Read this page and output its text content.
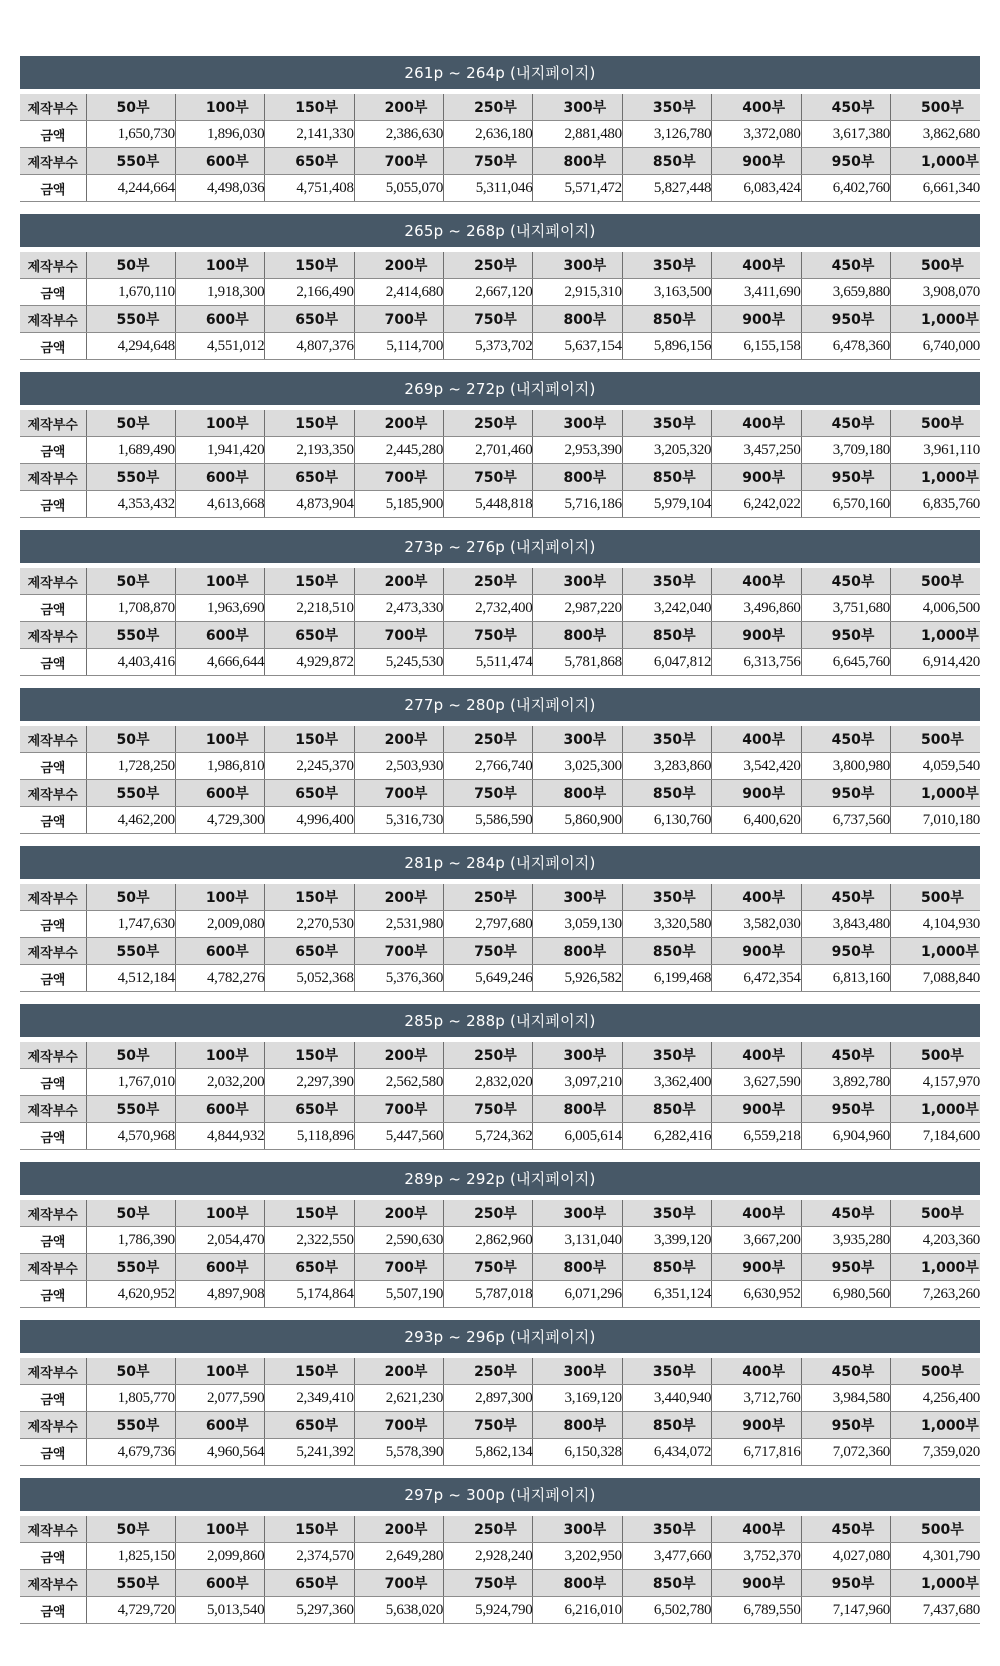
261p ~ 264p (내지페이지)
제작부수	50부	100부	150부	200부	250부	300부	350부	400부	450부	500부
금액	1,650,730	1,896,030	2,141,330	2,386,630	2,636,180	2,881,480	3,126,780	3,372,080	3,617,380	3,862,680
제작부수	550부	600부	650부	700부	750부	800부	850부	900부	950부	1,000부
금액	4,244,664	4,498,036	4,751,408	5,055,070	5,311,046	5,571,472	5,827,448	6,083,424	6,402,760	6,661,340
265p ~ 268p (내지페이지)
제작부수	50부	100부	150부	200부	250부	300부	350부	400부	450부	500부
금액	1,670,110	1,918,300	2,166,490	2,414,680	2,667,120	2,915,310	3,163,500	3,411,690	3,659,880	3,908,070
제작부수	550부	600부	650부	700부	750부	800부	850부	900부	950부	1,000부
금액	4,294,648	4,551,012	4,807,376	5,114,700	5,373,702	5,637,154	5,896,156	6,155,158	6,478,360	6,740,000
269p ~ 272p (내지페이지)
제작부수	50부	100부	150부	200부	250부	300부	350부	400부	450부	500부
금액	1,689,490	1,941,420	2,193,350	2,445,280	2,701,460	2,953,390	3,205,320	3,457,250	3,709,180	3,961,110
제작부수	550부	600부	650부	700부	750부	800부	850부	900부	950부	1,000부
금액	4,353,432	4,613,668	4,873,904	5,185,900	5,448,818	5,716,186	5,979,104	6,242,022	6,570,160	6,835,760
273p ~ 276p (내지페이지)
제작부수	50부	100부	150부	200부	250부	300부	350부	400부	450부	500부
금액	1,708,870	1,963,690	2,218,510	2,473,330	2,732,400	2,987,220	3,242,040	3,496,860	3,751,680	4,006,500
제작부수	550부	600부	650부	700부	750부	800부	850부	900부	950부	1,000부
금액	4,403,416	4,666,644	4,929,872	5,245,530	5,511,474	5,781,868	6,047,812	6,313,756	6,645,760	6,914,420
277p ~ 280p (내지페이지)
제작부수	50부	100부	150부	200부	250부	300부	350부	400부	450부	500부
금액	1,728,250	1,986,810	2,245,370	2,503,930	2,766,740	3,025,300	3,283,860	3,542,420	3,800,980	4,059,540
제작부수	550부	600부	650부	700부	750부	800부	850부	900부	950부	1,000부
금액	4,462,200	4,729,300	4,996,400	5,316,730	5,586,590	5,860,900	6,130,760	6,400,620	6,737,560	7,010,180
281p ~ 284p (내지페이지)
제작부수	50부	100부	150부	200부	250부	300부	350부	400부	450부	500부
금액	1,747,630	2,009,080	2,270,530	2,531,980	2,797,680	3,059,130	3,320,580	3,582,030	3,843,480	4,104,930
제작부수	550부	600부	650부	700부	750부	800부	850부	900부	950부	1,000부
금액	4,512,184	4,782,276	5,052,368	5,376,360	5,649,246	5,926,582	6,199,468	6,472,354	6,813,160	7,088,840
285p ~ 288p (내지페이지)
제작부수	50부	100부	150부	200부	250부	300부	350부	400부	450부	500부
금액	1,767,010	2,032,200	2,297,390	2,562,580	2,832,020	3,097,210	3,362,400	3,627,590	3,892,780	4,157,970
제작부수	550부	600부	650부	700부	750부	800부	850부	900부	950부	1,000부
금액	4,570,968	4,844,932	5,118,896	5,447,560	5,724,362	6,005,614	6,282,416	6,559,218	6,904,960	7,184,600
289p ~ 292p (내지페이지)
제작부수	50부	100부	150부	200부	250부	300부	350부	400부	450부	500부
금액	1,786,390	2,054,470	2,322,550	2,590,630	2,862,960	3,131,040	3,399,120	3,667,200	3,935,280	4,203,360
제작부수	550부	600부	650부	700부	750부	800부	850부	900부	950부	1,000부
금액	4,620,952	4,897,908	5,174,864	5,507,190	5,787,018	6,071,296	6,351,124	6,630,952	6,980,560	7,263,260
293p ~ 296p (내지페이지)
제작부수	50부	100부	150부	200부	250부	300부	350부	400부	450부	500부
금액	1,805,770	2,077,590	2,349,410	2,621,230	2,897,300	3,169,120	3,440,940	3,712,760	3,984,580	4,256,400
제작부수	550부	600부	650부	700부	750부	800부	850부	900부	950부	1,000부
금액	4,679,736	4,960,564	5,241,392	5,578,390	5,862,134	6,150,328	6,434,072	6,717,816	7,072,360	7,359,020
297p ~ 300p (내지페이지)
제작부수	50부	100부	150부	200부	250부	300부	350부	400부	450부	500부
금액	1,825,150	2,099,860	2,374,570	2,649,280	2,928,240	3,202,950	3,477,660	3,752,370	4,027,080	4,301,790
제작부수	550부	600부	650부	700부	750부	800부	850부	900부	950부	1,000부
금액	4,729,720	5,013,540	5,297,360	5,638,020	5,924,790	6,216,010	6,502,780	6,789,550	7,147,960	7,437,680
